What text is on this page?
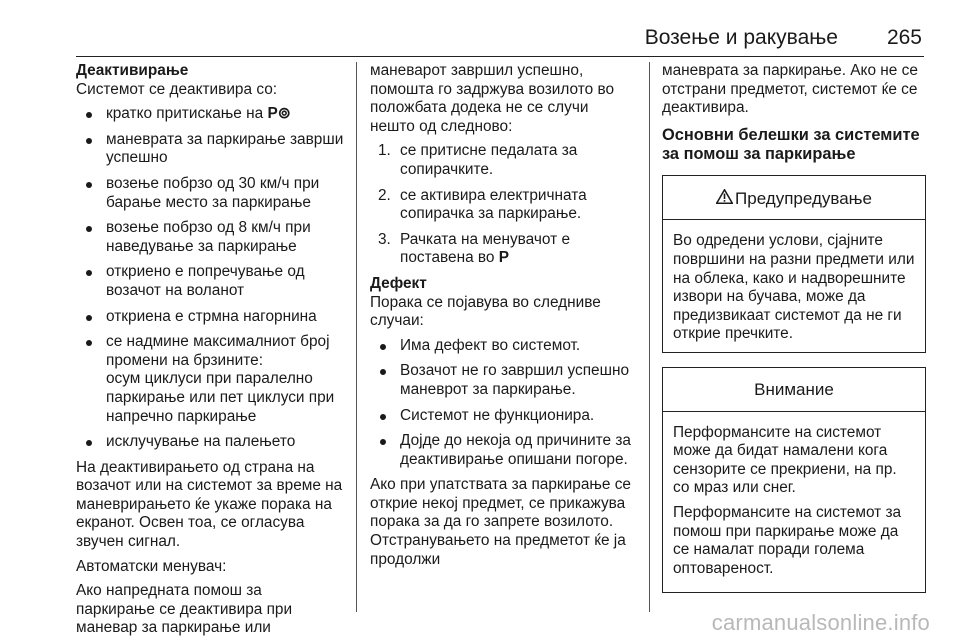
Возење и ракување 265
Деактивирање

Системот се деактивира со:

кратко притискање на P⊚
маневрата за паркирање заврши успешно
возење побрзо од 30 км/ч при барање место за паркирање
возење побрзо од 8 км/ч при наведување за паркирање
откриено е попречување од возачот на воланот
откриена е стрмна нагорнина
се надмине максималниот број промени на брзините:
осум циклуси при паралелно паркирање или пет циклуси при напречно паркирање
исклучување на палењето

На деактивирањето од страна на возачот или на системот за време на маневрирањето ќе укаже порака на екранот. Освен тоа, се огласува звучен сигнал.

Автоматски менувач:

Ако напредната помош за паркирање се деактивира при маневар за паркирање или

маневарот завршил успешно, помошта го задржува возилото во положбата додека не се случи нешто од следново:

1. се притисне педалата за сопирачките.
2. се активира електричната сопирачка за паркирање.
3. Рачката на менувачот е поставена во P
Дефект

Порака се појавува во следниве случаи:

Има дефект во системот.
Возачот не го завршил успешно маневрот за паркирање.
Системот не функционира.
Дојде до некоја од причините за деактивирање опишани погоре.

Ако при упатствата за паркирање се открие некој предмет, се прикажува порака за да го запрете возилото. Отстранувањето на предметот ќе ја продолжи

маневрата за паркирање. Ако не се отстрани предметот, системот ќе се деактивира.

Основни белешки за системите за помош за паркирање
Предупредување
Во одредени услови, сјајните површини на разни предмети или на облека, како и надворешните извори на бучава, може да предизвикаат системот да не ги открие пречките.
Внимание

Перформансите на системот може да бидат намалени кога сензорите се прекриени, на пр. со мраз или снег.

Перформансите на системот за помош при паркирање може да се намалат поради голема оптовареност.

carmanualsonline.info
